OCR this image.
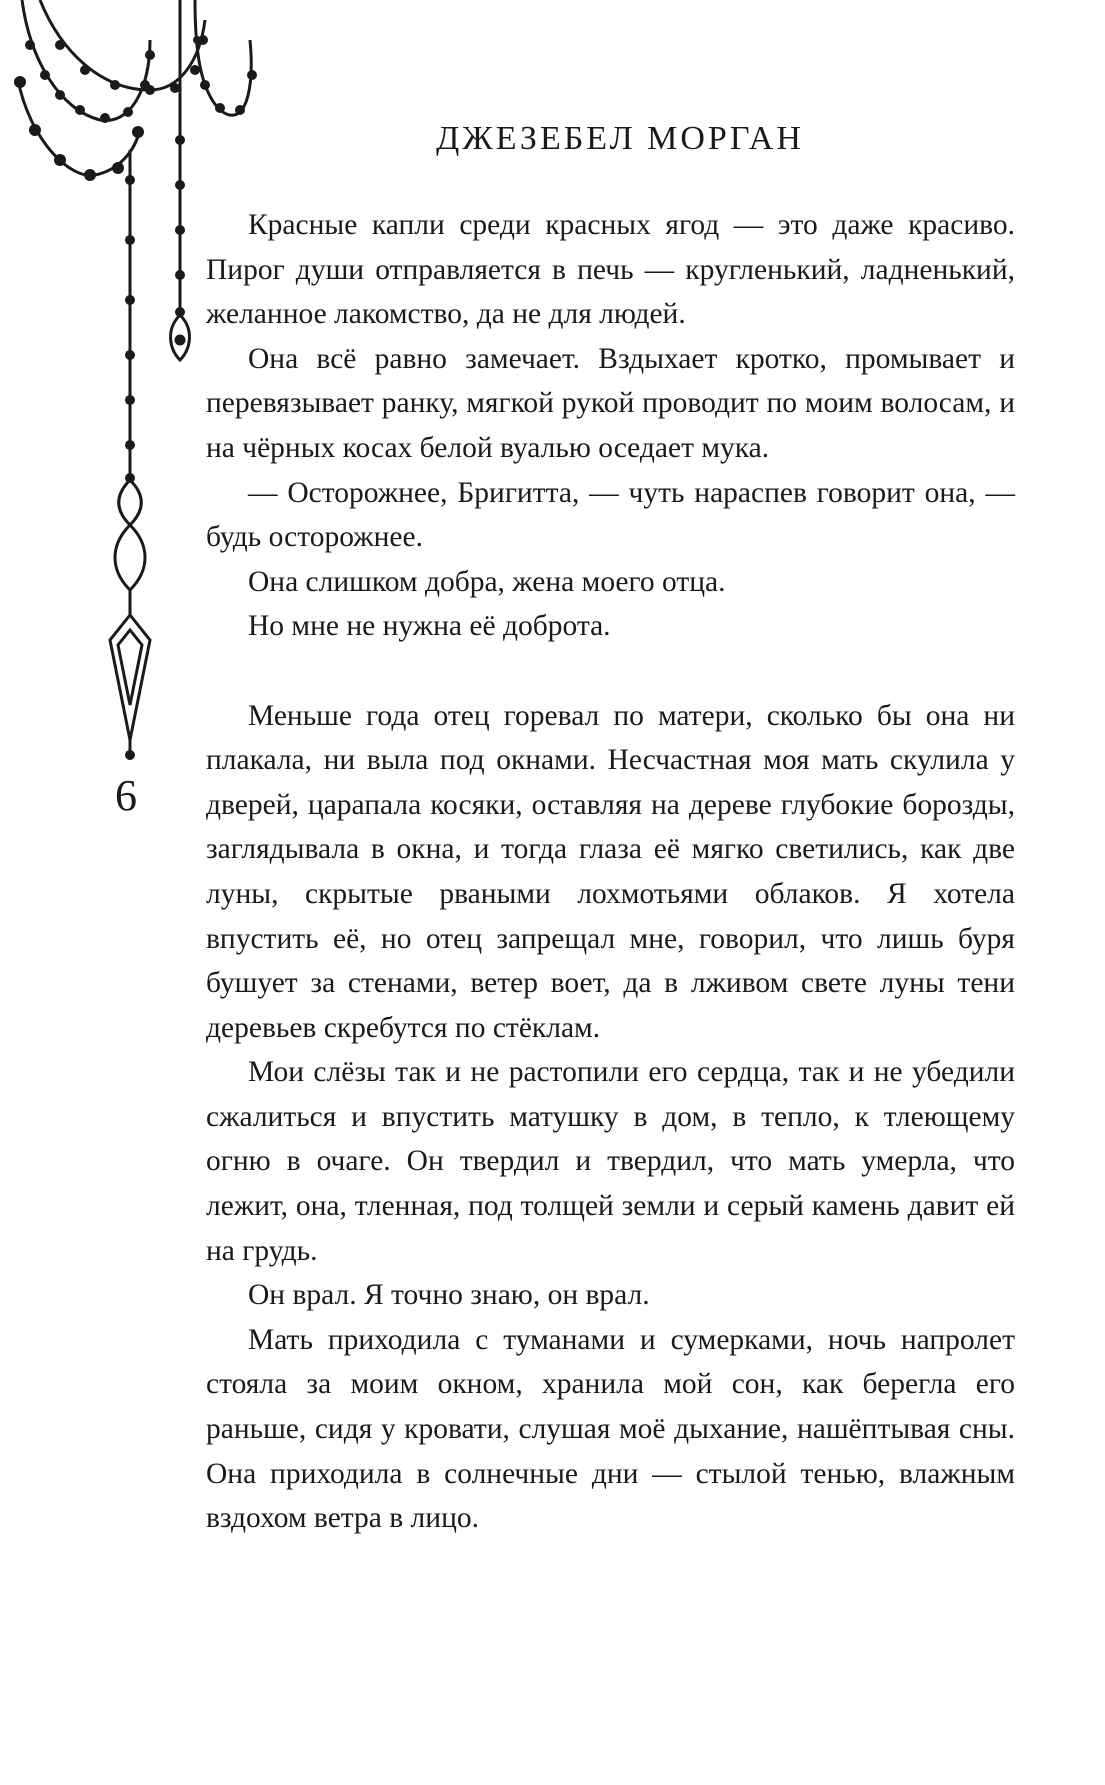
ДЖЕЗЕБЕЛ МОРГАН
6

Красные капли среди красных ягод — это даже красиво. Пирог души отправляется в печь — кругленький, ладненький, желанное лакомство, да не для людей.

Она всё равно замечает. Вздыхает кротко, промывает и перевязывает ранку, мягкой рукой проводит по моим волосам, и на чёрных косах белой вуалью оседает мука.

— Осторожнее, Бригитта, — чуть нараспев говорит она, — будь осторожнее.

Она слишком добра, жена моего отца.

Но мне не нужна её доброта.

Меньше года отец горевал по матери, сколько бы она ни плакала, ни выла под окнами. Несчастная моя мать скулила у дверей, царапала косяки, оставляя на дереве глубокие борозды, заглядывала в окна, и тогда глаза её мягко светились, как две луны, скрытые рваными лохмотьями облаков. Я хотела впустить её, но отец запрещал мне, говорил, что лишь буря бушует за стенами, ветер воет, да в лживом свете луны тени деревьев скребутся по стёклам.

Мои слёзы так и не растопили его сердца, так и не убедили сжалиться и впустить матушку в дом, в тепло, к тлеющему огню в очаге. Он твердил и твердил, что мать умерла, что лежит, она, тленная, под толщей земли и серый камень давит ей на грудь.

Он врал. Я точно знаю, он врал.

Мать приходила с туманами и сумерками, ночь напролет стояла за моим окном, хранила мой сон, как берегла его раньше, сидя у кровати, слушая моё дыхание, нашёптывая сны. Она приходила в солнечные дни — стылой тенью, влажным вздохом ветра в лицо.
